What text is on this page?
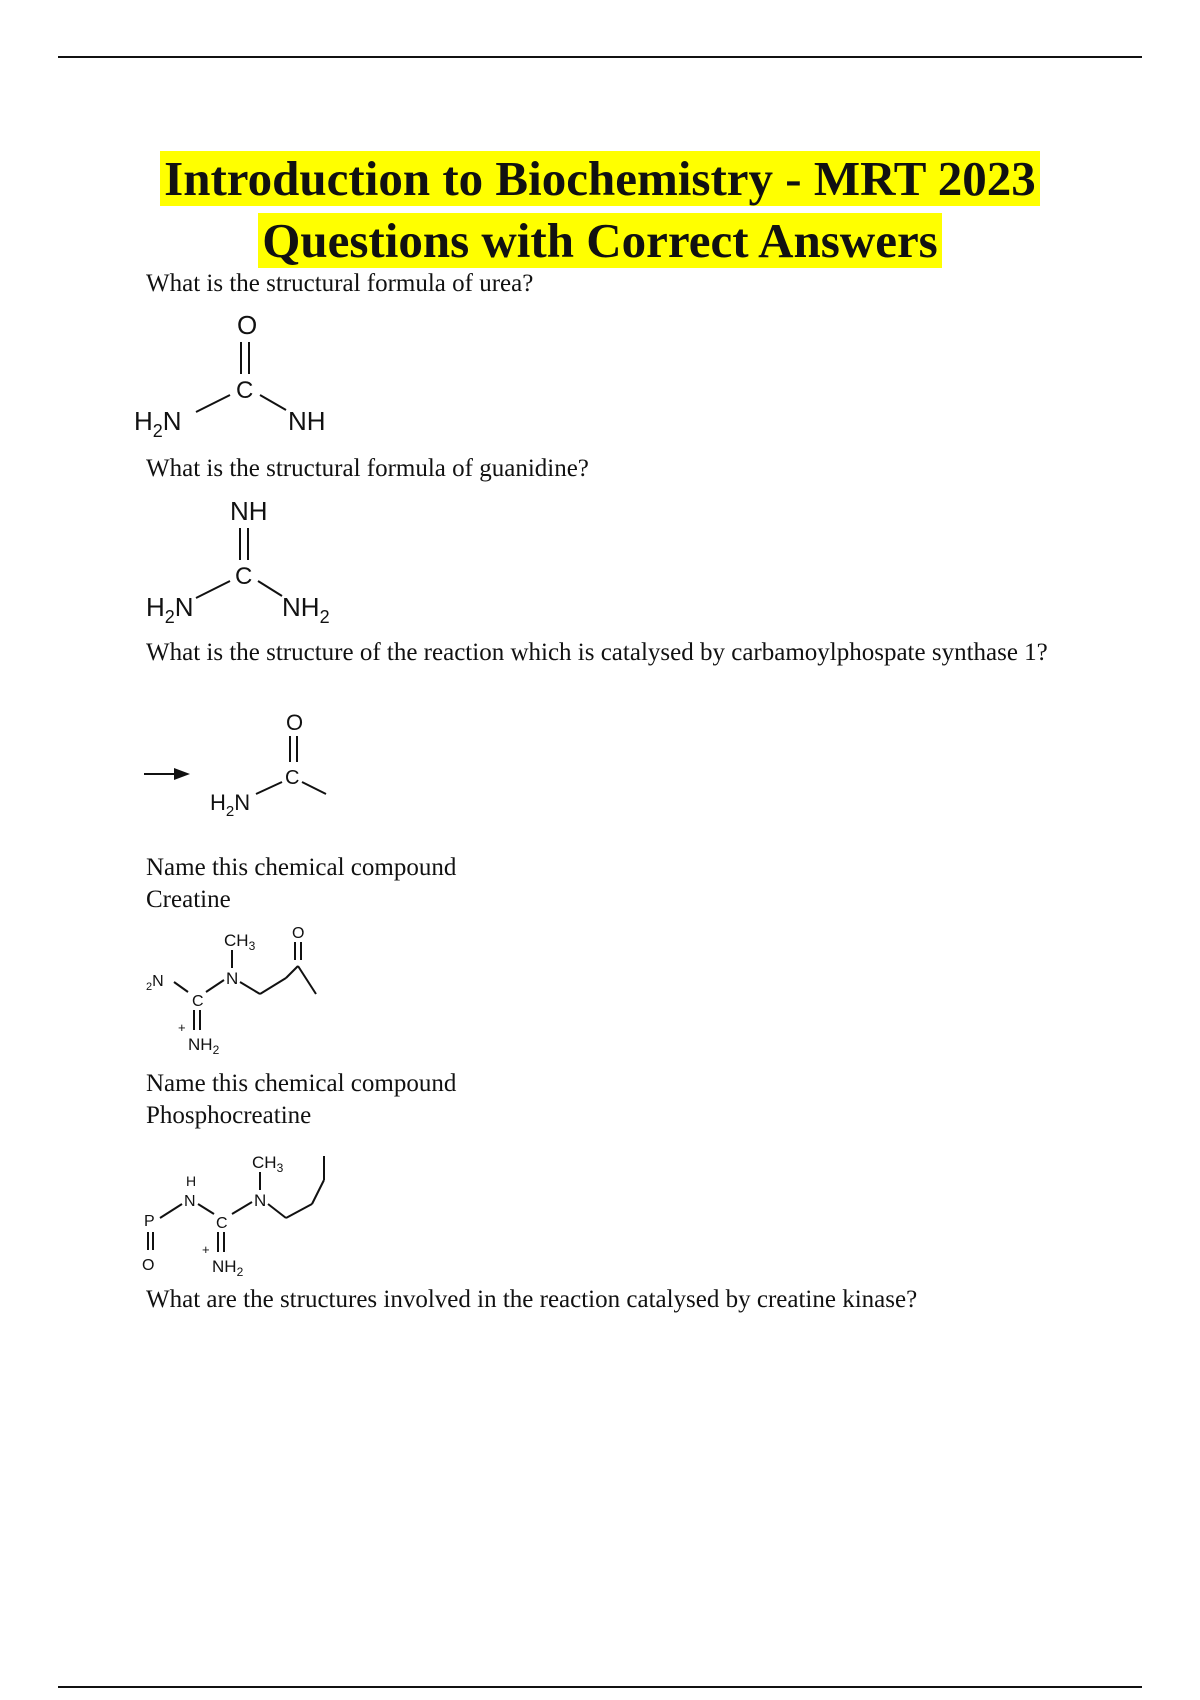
Introduction to Biochemistry - MRT 2023
Questions with Correct Answers
What is the structural formula of urea?
O
C
$H_2N$	NH
What is the structural formula of guanidine?
NH
C
$H_2N$	$NH_2$
What is the structure of the reaction which is catalysed by carbamoylphospate synthase 1?
O
C
$H_2N$
Name this chemical compound
Creatine
$CH_3$
N
O
C
$_2$N
+
$NH_2$
Name this chemical compound
Phosphocreatine
$CH_3$
N
C
N
H
P
O
+
$NH_2$
What are the structures involved in the reaction catalysed by creatine kinase?
